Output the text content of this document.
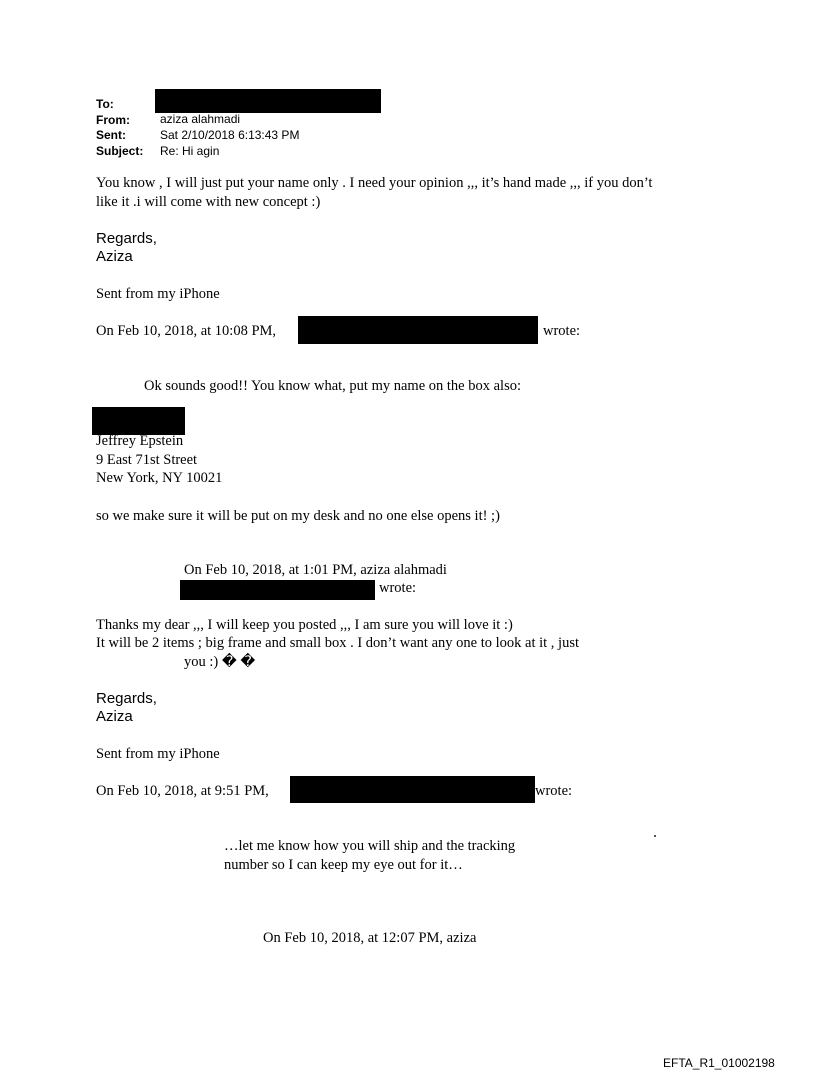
To:
From:	aziza alahmadi
Sent:	Sat 2/10/2018 6:13:43 PM
Subject: Re: Hi agin
You know , I will just put your name only . I need your opinion ,,, it’s hand made ,,, if you don’t
like it .i will come with new concept :)
Regards,
Aziza
Sent from my iPhone
On Feb 10, 2018, at 10:08 PM,	wrote:
Ok sounds good!! You know what, put my name on the box also:
Jeffrey Epstein
9 East 71st Street
New York, NY 10021
so we make sure it will be put on my desk and no one else opens it! ;)
On Feb 10, 2018, at 1:01 PM, aziza alahmadi
wrote:
Thanks my dear ,,, I will keep you posted ,,, I am sure you will love it :)
It will be 2 items ; big frame and small box . I don’t want any one to look at it , just
you :) � �
Regards,
Aziza
Sent from my iPhone
On Feb 10, 2018, at 9:51 PM,	wrote:
…let me know how you will ship and the tracking
number so I can keep my eye out for it…
On Feb 10, 2018, at 12:07 PM, aziza
EFTA_R1_01002198
